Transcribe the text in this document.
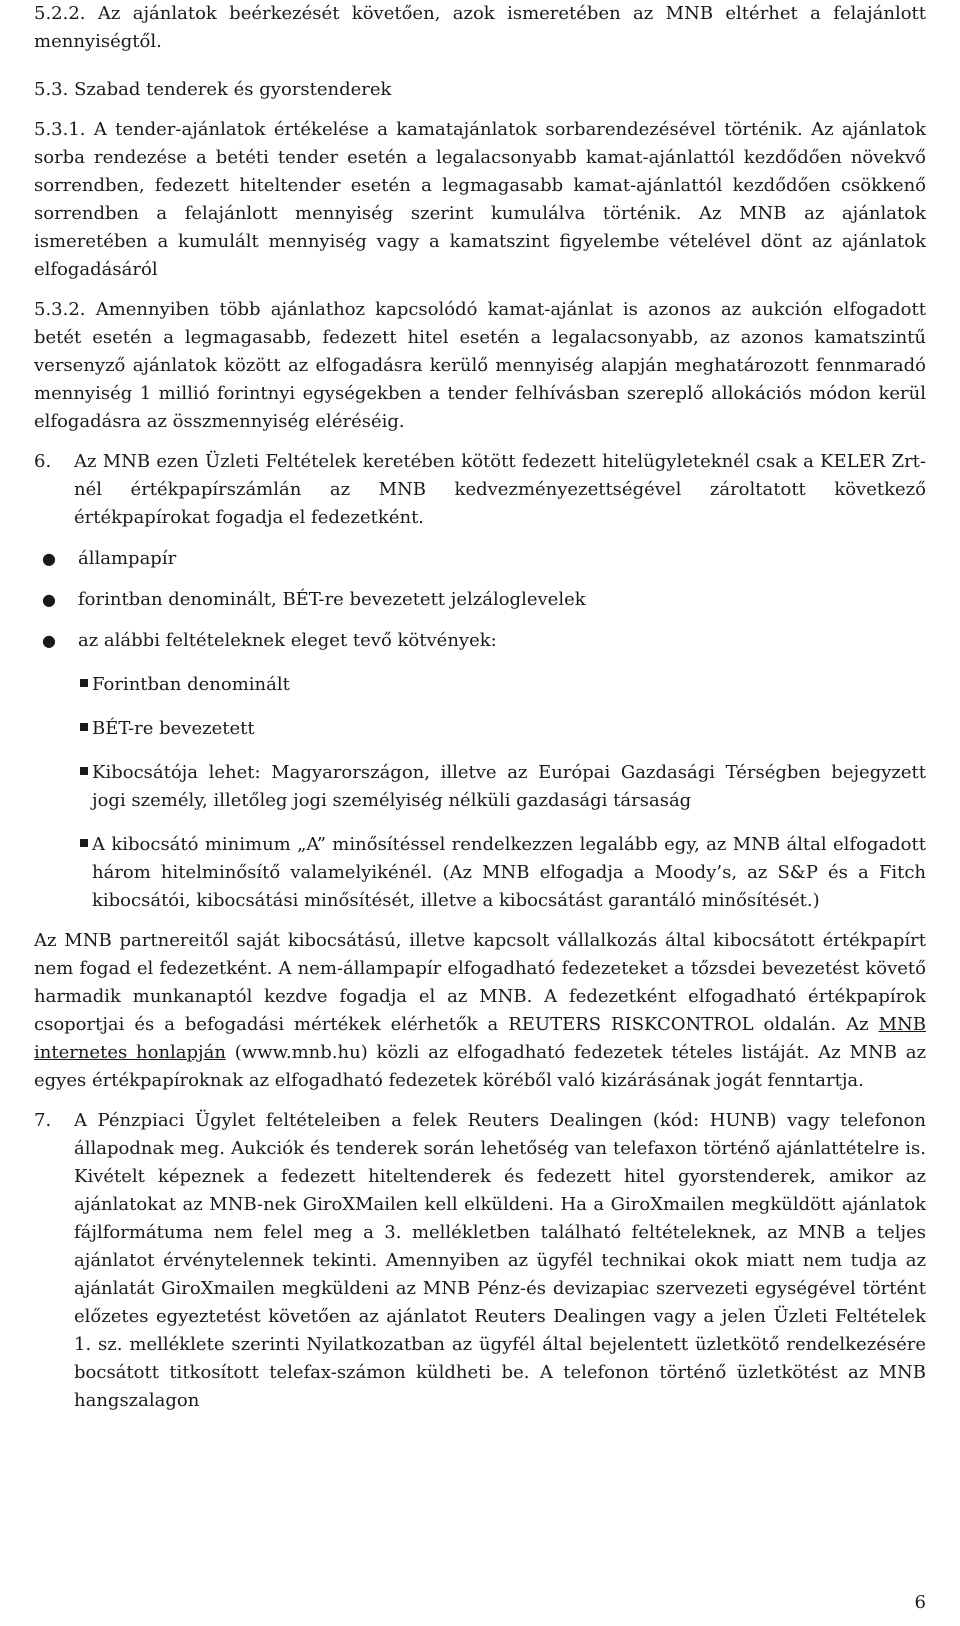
5.2.2. Az ajánlatok beérkezését követően, azok ismeretében az MNB eltérhet a felajánlott mennyiségtől.

5.3. Szabad tenderek és gyorstenderek

5.3.1. A tender-ajánlatok értékelése a kamatajánlatok sorbarendezésével történik. Az ajánlatok sorba rendezése a betéti tender esetén a legalacsonyabb kamat-ajánlattól kezdődően növekvő sorrendben, fedezett hiteltender esetén a legmagasabb kamat-ajánlattól kezdődően csökkenő sorrendben a felajánlott mennyiség szerint kumulálva történik. Az MNB az ajánlatok ismeretében a kumulált mennyiség vagy a kamatszint figyelembe vételével dönt az ajánlatok elfogadásáról

5.3.2. Amennyiben több ajánlathoz kapcsolódó kamat-ajánlat is azonos az aukción elfogadott betét esetén a legmagasabb, fedezett hitel esetén a legalacsonyabb, az azonos kamatszintű versenyző ajánlatok között az elfogadásra kerülő mennyiség alapján meghatározott fennmaradó mennyiség 1 millió forintnyi egységekben a tender felhívásban szereplő allokációs módon kerül elfogadásra az összmennyiség eléréséig.

6.	Az MNB ezen Üzleti Feltételek keretében kötött fedezett hitelügyleteknél csak a KELER Zrt-nél értékpapírszámlán az MNB kedvezményezettségével zároltatott következő értékpapírokat fogadja el fedezetként.
●	állampapír
●	forintban denominált, BÉT-re bevezetett jelzáloglevelek
●	az alábbi feltételeknek eleget tevő kötvények:
Forintban denominált
BÉT-re bevezetett
Kibocsátója lehet: Magyarországon, illetve az Európai Gazdasági Térségben bejegyzett jogi személy, illetőleg jogi személyiség nélküli gazdasági társaság
A kibocsátó minimum „A” minősítéssel rendelkezzen legalább egy, az MNB által elfogadott három hitelminősítő valamelyikénél. (Az MNB elfogadja a Moody’s, az S&P és a Fitch kibocsátói, kibocsátási minősítését, illetve a kibocsátást garantáló minősítését.)

Az MNB partnereitől saját kibocsátású, illetve kapcsolt vállalkozás által kibocsátott értékpapírt nem fogad el fedezetként. A nem-állampapír elfogadható fedezeteket a tőzsdei bevezetést követő harmadik munkanaptól kezdve fogadja el az MNB. A fedezetként elfogadható értékpapírok csoportjai és a befogadási mértékek elérhetők a REUTERS RISKCONTROL oldalán. Az MNB internetes honlapján (www.mnb.hu) közli az elfogadható fedezetek tételes listáját. Az MNB az egyes értékpapíroknak az elfogadható fedezetek köréből való kizárásának jogát fenntartja.

7.	A Pénzpiaci Ügylet feltételeiben a felek Reuters Dealingen (kód: HUNB) vagy telefonon állapodnak meg. Aukciók és tenderek során lehetőség van telefaxon történő ajánlattételre is. Kivételt képeznek a fedezett hiteltenderek és fedezett hitel gyorstenderek, amikor az ajánlatokat az MNB-nek GiroXMailen kell elküldeni. Ha a GiroXmailen megküldött ajánlatok fájlformátuma nem felel meg a 3. mellékletben található feltételeknek, az MNB a teljes ajánlatot érvénytelennek tekinti. Amennyiben az ügyfél technikai okok miatt nem tudja az ajánlatát GiroXmailen megküldeni az MNB Pénz-és devizapiac szervezeti egységével történt előzetes egyeztetést követően az ajánlatot Reuters Dealingen vagy a jelen Üzleti Feltételek 1. sz. melléklete szerinti Nyilatkozatban az ügyfél által bejelentett üzletkötő rendelkezésére bocsátott titkosított telefax-számon küldheti be. A telefonon történő üzletkötést az MNB hangszalagon
6
